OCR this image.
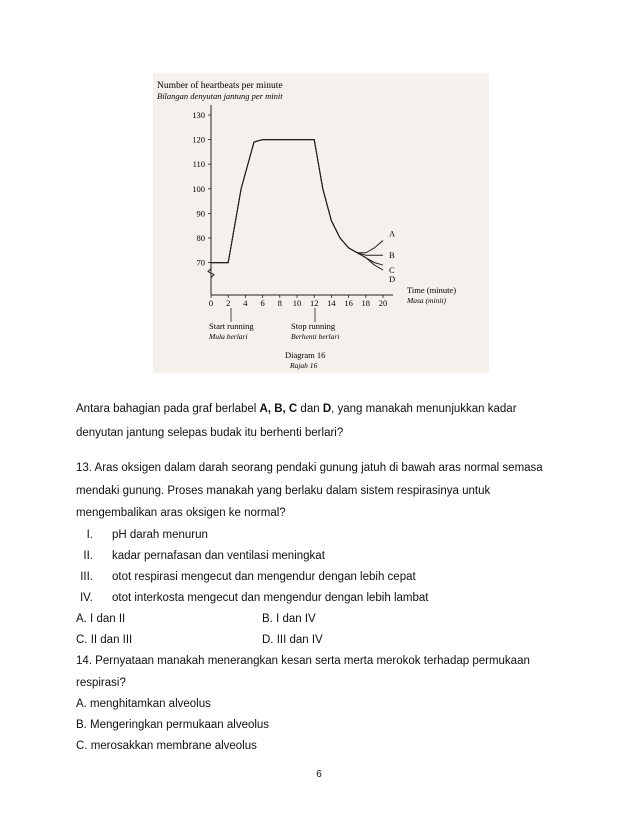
Number of heartbeats per minute
Bilangan denyutan jantung per minit
130
120
110
100
90
80
70
0 2 4 6 8 10 12 14 16 18 20
A
B
C
D
Time (minute)
Masa (minit)
Start running
Mula berlari
Stop running
Berhenti berlari
Diagram 16
Rajah 16
Antara bahagian pada graf berlabel A, B, C dan D, yang manakah menunjukkan kadar
denyutan jantung selepas budak itu berhenti berlari?
13. Aras oksigen dalam darah seorang pendaki gunung jatuh di bawah aras normal semasa
mendaki gunung. Proses manakah yang berlaku dalam sistem respirasinya untuk
mengembalikan aras oksigen ke normal?
I. pH darah menurun
II. kadar pernafasan dan ventilasi meningkat
III. otot respirasi mengecut dan mengendur dengan lebih cepat
IV. otot interkosta mengecut dan mengendur dengan lebih lambat
A. I dan II	B. I dan IV
C. II dan III	D. III dan IV
14. Pernyataan manakah menerangkan kesan serta merta merokok terhadap permukaan
respirasi?
A. menghitamkan alveolus
B. Mengeringkan permukaan alveolus
C. merosakkan membrane alveolus
6
